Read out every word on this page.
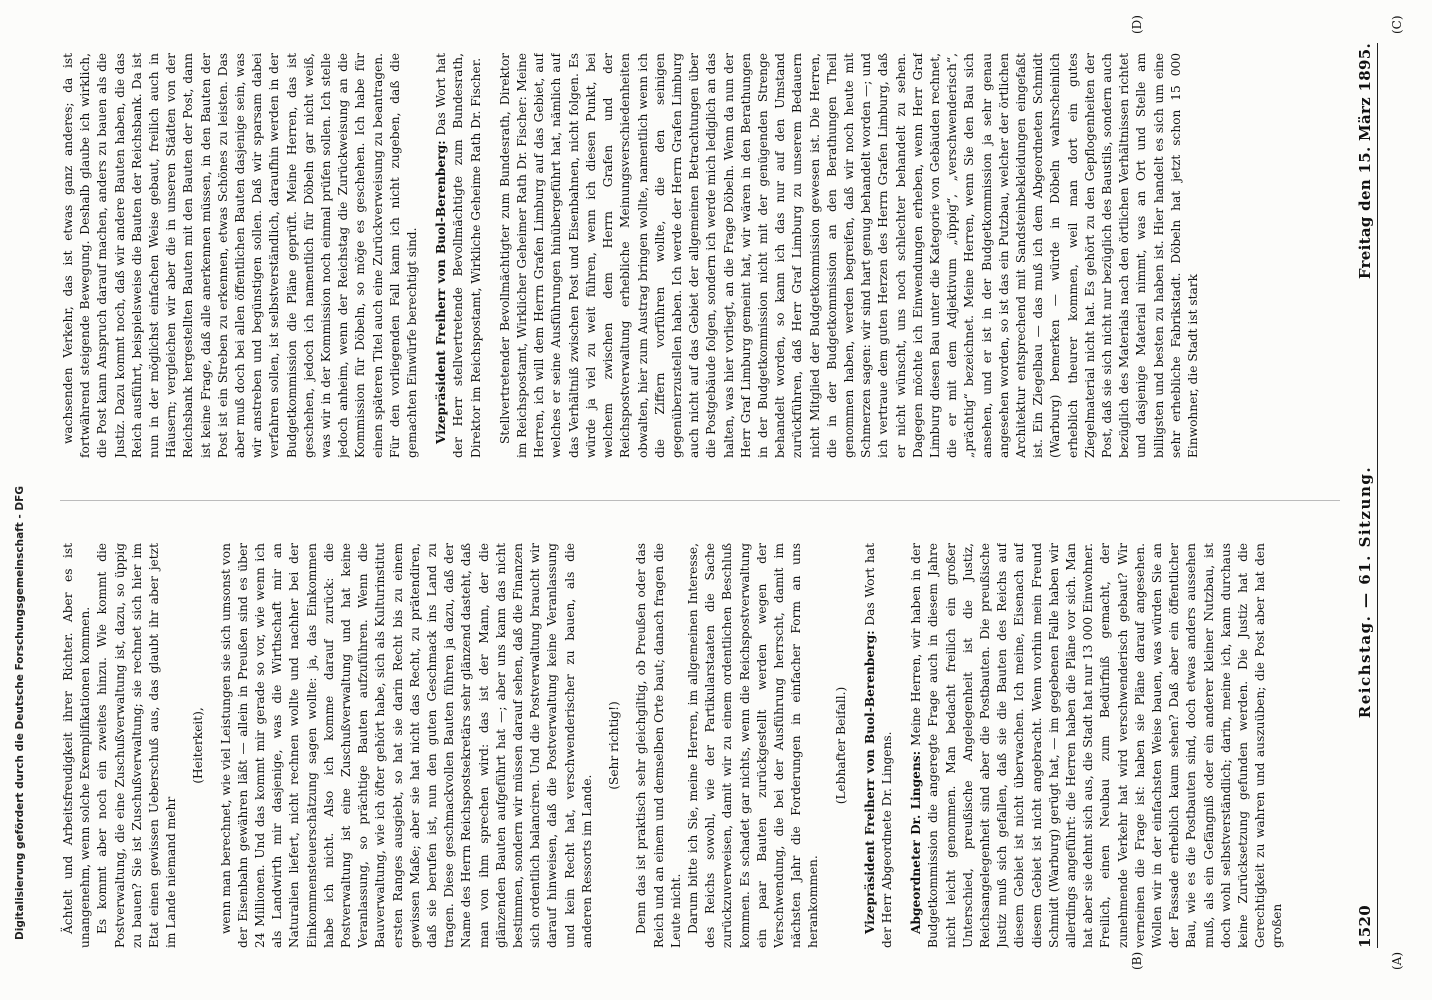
1520
Reichstag. — 61. Sitzung.
Freitag den 15. März 1895.
(A)
(B)
(C)
(D)

Ächtelt und Arbeitsfreudigkeit ihrer Richter. Aber es ist unangenehm, wenn solche Exemplifikationen kommen. Es kommt aber noch ein zweites hinzu. Wie kommt die Postverwaltung, die eine Zuschußverwaltung ist, dazu, so üppig zu bauen? Sie ist Zuschußverwaltung; sie rechnet sich hier im Etat einen gewissen Ueberschuß aus, das glaubt ihr aber jetzt im Lande niemand mehr

(Heiterkeit), wenn man berechnet, wie viel Leistungen sie sich umsonst von der Eisenbahn gewähren läßt — allein in Preußen sind es über 24 Millionen. Und das kommt mir gerade so vor, wie wenn ich als Landwirth mir dasjenige, was die Wirthschaft mir an Naturalien liefert, nicht rechnen wollte und nachher bei der Einkommensteuerschätzung sagen wollte: ja, das Einkommen habe ich nicht. Also ich komme darauf zurück: die Postverwaltung ist eine Zuschußverwaltung und hat keine Veranlassung, so prächtige Bauten aufzuführen. Wenn die Bauverwaltung, wie ich öfter gehört habe, sich als Kulturinstitut ersten Ranges ausgiebt, so hat sie darin Recht bis zu einem gewissen Maße; aber sie hat nicht das Recht, zu prätendiren, daß sie berufen ist, nun den guten Geschmack ins Land zu tragen. Diese geschmackvollen Bauten führen ja dazu, daß der Name des Herrn Reichspostsekretärs sehr glänzend dasteht, daß man von ihm sprechen wird: das ist der Mann, der die glänzenden Bauten aufgeführt hat —; aber uns kann das nicht bestimmen, sondern wir müssen darauf sehen, daß die Finanzen sich ordentlich balanciren. Und die Postverwaltung braucht wir darauf hinweisen, daß die Postverwaltung keine Veranlassung und kein Recht hat, verschwenderischer zu bauen, als die anderen Ressorts im Lande.

(Sehr richtig!) Denn das ist praktisch sehr gleichgiltig, ob Preußen oder das Reich und an einem und demselben Orte baut; danach fragen die Leute nicht. Darum bitte ich Sie, meine Herren, im allgemeinen Interesse, des Reichs sowohl, wie der Partikularstaaten die Sache zurückzuverweisen, damit wir zu einem ordentlichen Beschluß kommen. Es schadet gar nichts, wenn die Reichspostverwaltung ein paar Bauten zurückgestellt werden wegen der Verschwendung, die bei der Ausführung herrscht, damit im nächsten Jahr die Forderungen in einfacher Form an uns herankommen.

(Lebhafter Beifall.) Vizepräsident Freiherr von Buol-Berenberg: Das Wort hat der Herr Abgeordnete Dr. Lingens. Abgeordneter Dr. Lingens: Meine Herren, wir haben in der Budgetkommission die angeregte Frage auch in diesem Jahre nicht leicht genommen. Man bedacht freilich ein großer Unterschied, preußische Angelegenheit ist die Justiz, Reichsangelegenheit sind aber die Postbauten. Die preußische Justiz muß sich gefallen, daß sie die Bauten des Reichs auf diesem Gebiet ist nicht überwachen. Ich meine, Eisenach auf diesem Gebiet ist nicht angebracht. Wenn vorhin mein Freund Schmidt (Warburg) gerügt hat, — im gegebenen Falle haben wir allerdings angeführt: die Herren haben die Pläne vor sich. Man hat aber sie dehnt sich aus, die Stadt hat nur 13 000 Einwohner. Freilich, einen Neubau zum Bedürfniß gemacht, der zunehmende Verkehr hat wird verschwenderisch gebaut? Wir verneinen die Frage ist: haben sie Pläne darauf angesehen. Wollen wir in der einfachsten Weise bauen, was würden Sie an der Fassade erheblich kaum sehen? Daß aber ein öffentlicher Bau, wie es die Postbauten sind, doch etwas anders aussehen muß, als ein Gefängniß oder ein anderer kleiner Nutzbau, ist doch wohl selbstverständlich; darin, meine ich, kann durchaus keine Zurücksetzung gefunden werden. Die Justiz hat die Gerechtigkeit zu wahren und auszuüben; die Post aber hat den großen

wachsenden Verkehr, das ist etwas ganz anderes; da ist fortwährend steigende Bewegung. Deshalb glaube ich wirklich, die Post kann Anspruch darauf machen, anders zu bauen als die Justiz. Dazu kommt noch, daß wir andere Bauten haben, die das Reich ausführt, beispielsweise die Bauten der Reichsbank. Da ist nun in der möglichst einfachen Weise gebaut, freilich auch in Häusern; vergleichen wir aber die in unseren Städten von der Reichsbank hergestellten Bauten mit den Bauten der Post, dann ist keine Frage, daß alle anerkennen müssen, in den Bauten der Post ist ein Streben zu erkennen, etwas Schönes zu leisten. Das aber muß doch bei allen öffentlichen Bauten dasjenige sein, was wir anstreben und begünstigen sollen. Daß wir sparsam dabei verfahren sollen, ist selbstverständlich, daraufhin werden in der Budgetkommission die Pläne geprüft. Meine Herren, das ist geschehen, jedoch ich namentlich für Döbeln gar nicht weiß, was wir in der Kommission noch einmal prüfen sollen. Ich stelle jedoch anheim, wenn der Reichstag die Zurückweisung an die Kommission für Döbeln, so möge es geschehen. Ich habe für einen späteren Titel auch eine Zurückverweisung zu beantragen. Für den vorliegenden Fall kann ich nicht zugeben, daß die gemachten Einwürfe berechtigt sind. Vizepräsident Freiherr von Buol-Berenberg: Das Wort hat der Herr stellvertretende Bevollmächtigte zum Bundesrath, Direktor im Reichspostamt, Wirkliche Geheime Rath Dr. Fischer. Stellvertretender Bevollmächtigter zum Bundesrath, Direktor im Reichspostamt, Wirklicher Geheimer Rath Dr. Fischer: Meine Herren, ich will dem Herrn Grafen Limburg auf das Gebiet, auf welches er seine Ausführungen hinübergeführt hat, nämlich auf das Verhältniß zwischen Post und Eisenbahnen, nicht folgen. Es würde ja viel zu weit führen, wenn ich diesen Punkt, bei welchem zwischen dem Herrn Grafen und der Reichspostverwaltung erhebliche Meinungsverschiedenheiten obwalten, hier zum Austrag bringen wollte, namentlich wenn ich die Ziffern vorführen wollte, die den seinigen gegenüberzustellen haben. Ich werde der Herrn Grafen Limburg auch nicht auf das Gebiet der allgemeinen Betrachtungen über die Postgebäude folgen, sondern ich werde mich lediglich an das halten, was hier vorliegt, an die Frage Döbeln. Wenn da nun der Herr Graf Limburg gemeint hat, wir wären in den Berathungen in der Budgetkommission nicht mit der genügenden Strenge behandelt worden, so kann ich das nur auf den Umstand zurückführen, daß Herr Graf Limburg zu unserem Bedauern nicht Mitglied der Budgetkommission gewesen ist. Die Herren, die in der Budgetkommission an den Berathungen Theil genommen haben, werden begreifen, daß wir noch heute mit Schmerzen sagen: wir sind hart genug behandelt worden —; und ich vertraue dem guten Herzen des Herrn Grafen Limburg, daß er nicht wünscht, uns noch schlechter behandelt zu sehen. Dagegen möchte ich Einwendungen erheben, wenn Herr Graf Limburg diesen Bau unter die Kategorie von Gebäuden rechnet, die er mit dem Adjektivum „üppig“, „verschwenderisch“, „prächtig“ bezeichnet. Meine Herren, wenn Sie den Bau sich ansehen, und er ist in der Budgetkommission ja sehr genau angesehen worden, so ist das ein Putzbau, welcher der örtlichen Architektur entsprechend mit Sandsteinbekleidungen eingefaßt ist. Ein Ziegelbau — das muß ich dem Abgeordneten Schmidt (Warburg) bemerken — würde in Döbeln wahrscheinlich erheblich theurer kommen, weil man dort ein gutes Ziegelmaterial nicht hat. Es gehört zu den Gepflogenheiten der Post, daß sie sich nicht nur bezüglich des Baustils, sondern auch bezüglich des Materials nach den örtlichen Verhältnissen richtet und dasjenige Material nimmt, was an Ort und Stelle am billigsten und besten zu haben ist. Hier handelt es sich um eine sehr erhebliche Fabrikstadt. Döbeln hat jetzt schon 15 000 Einwohner, die Stadt ist stark

Digitalisierung gefördert durch die Deutsche Forschungsgemeinschaft - DFG
